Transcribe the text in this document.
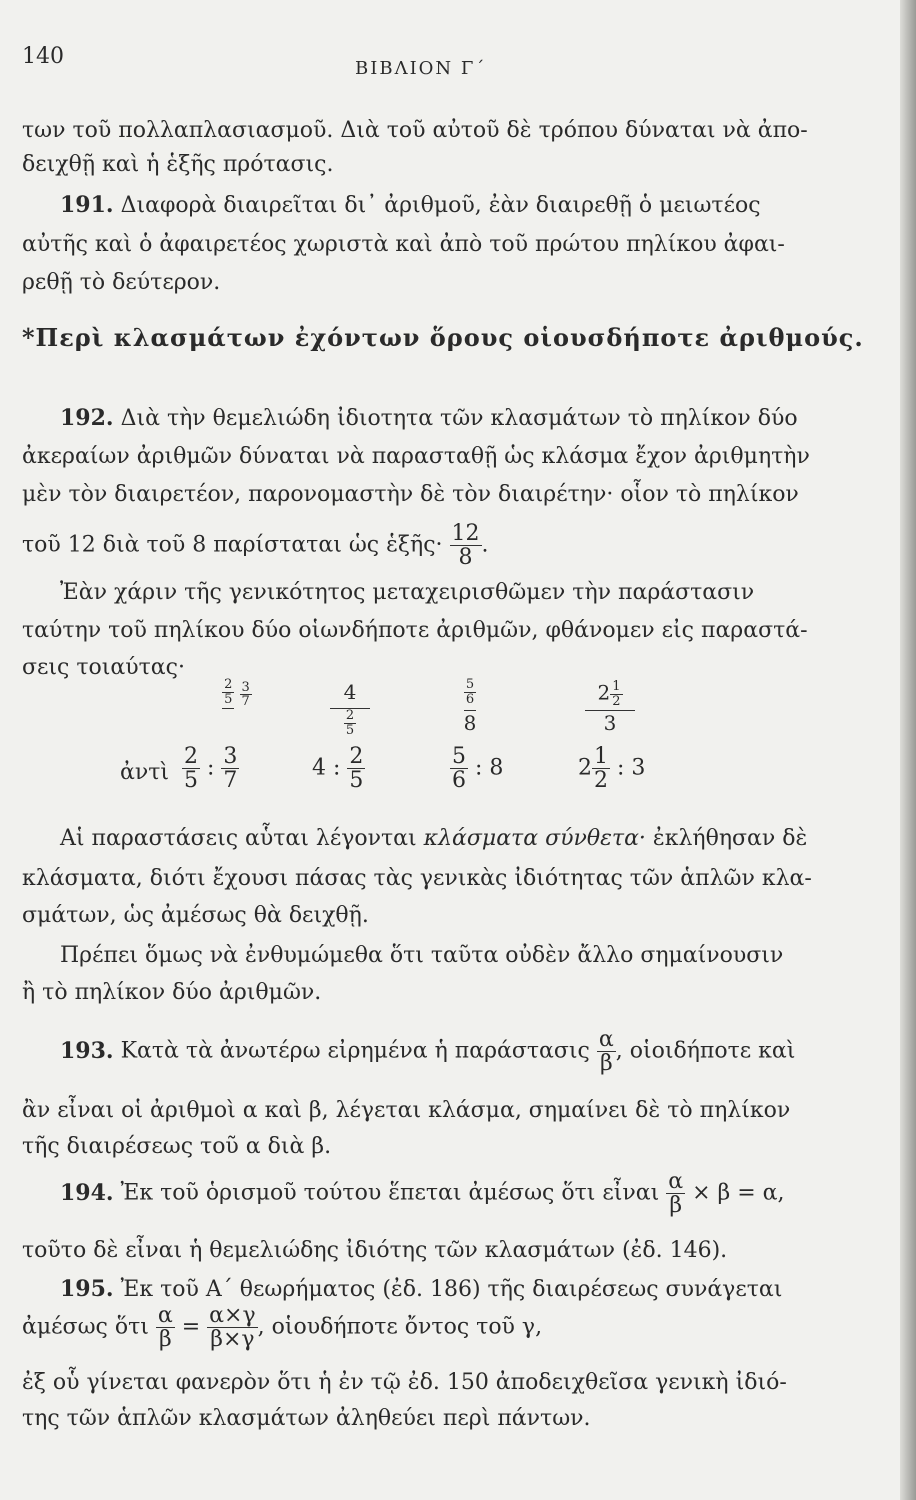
140	ΒΙΒΛΙΟΝ Γ΄
των τοῦ πολλαπλασιασμοῦ. Διὰ τοῦ αὐτοῦ δὲ τρόπου δύναται νὰ ἀπο-
δειχθῇ καὶ ἡ ἑξῆς πρότασις.
191. Διαφορὰ διαιρεῖται δι᾽ ἀριθμοῦ, ἐὰν διαιρεθῇ ὁ μειωτέος
αὐτῆς καὶ ὁ ἀφαιρετέος χωριστὰ καὶ ἀπὸ τοῦ πρώτου πηλίκου ἀφαι-
ρεθῇ τὸ δεύτερον.
*Περὶ κλασμάτων ἐχόντων ὅρους οἱουσδήποτε ἀριθμούς.
192. Διὰ τὴν θεμελιώδη ἰδιοτητα τῶν κλασμάτων τὸ πηλίκον δύο
ἀκεραίων ἀριθμῶν δύναται νὰ παρασταθῇ ὡς κλάσμα ἔχον ἀριθμητὴν
μὲν τὸν διαιρετέον, παρονομαστὴν δὲ τὸν διαιρέτην· οἷον τὸ πηλίκον
τοῦ 12 διὰ τοῦ 8 παρίσταται ὡς ἑξῆς· $\frac{12}{8}$ .
Ἐὰν χάριν τῆς γενικότητος μεταχειρισθῶμεν τὴν παράστασιν
ταύτην τοῦ πηλίκου δύο οἱωνδήποτε ἀριθμῶν, φθάνομεν εἰς παραστά-
σεις τοιαύτας·
$\frac{2}{5}$
$\frac{3}{7}$	4
$\frac{2}{5}$
$\frac{5}{6}$
8
$2 \frac{1}{2}$
3
ἀντὶ $\frac{2}{5}$ : $\frac{3}{7}$	4 : $\frac{2}{5}$	$\frac{5}{6}$ : 8	$2 \frac{1}{2}$ : 3
Αἱ παραστάσεις αὗται λέγονται κλάσματα σύνθετα· ἐκλήθησαν δὲ
κλάσματα, διότι ἔχουσι πάσας τὰς γενικὰς ἰδιότητας τῶν ἁπλῶν κλα-
σμάτων, ὡς ἀμέσως θὰ δειχθῇ.
Πρέπει ὅμως νὰ ἐνθυμώμεθα ὅτι ταῦτα οὐδὲν ἄλλο σημαίνουσιν
ἢ τὸ πηλίκον δύο ἀριθμῶν.
193. Κατὰ τὰ ἀνωτέρω εἰρημένα ἡ παράστασις $\frac{\alpha}{\beta}$ , οἱοιδήποτε καὶ
ἂν εἶναι οἱ ἀριθμοὶ α καὶ β, λέγεται κλάσμα, σημαίνει δὲ τὸ πηλίκον
τῆς διαιρέσεως τοῦ α διὰ β.
194. Ἐκ τοῦ ὁρισμοῦ τούτου ἕπεται ἀμέσως ὅτι εἶναι $\frac{\alpha}{\beta} \times \beta = \alpha$,
τοῦτο δὲ εἶναι ἡ θεμελιώδης ἰδιότης τῶν κλασμάτων (ἐδ. 146).
195. Ἐκ τοῦ Α΄ θεωρήματος (ἐδ. 186) τῆς διαιρέσεως συνάγεται
ἀμέσως ὅτι $\frac{\alpha}{\beta} = \frac{\alpha\times\gamma}{\beta\times\gamma}$ , οἱουδήποτε ὄντος τοῦ γ,
ἐξ οὗ γίνεται φανερὸν ὅτι ἡ ἐν τῷ ἐδ. 150 ἀποδειχθεῖσα γενικὴ ἰδιό-
της τῶν ἁπλῶν κλασμάτων ἀληθεύει περὶ πάντων.
